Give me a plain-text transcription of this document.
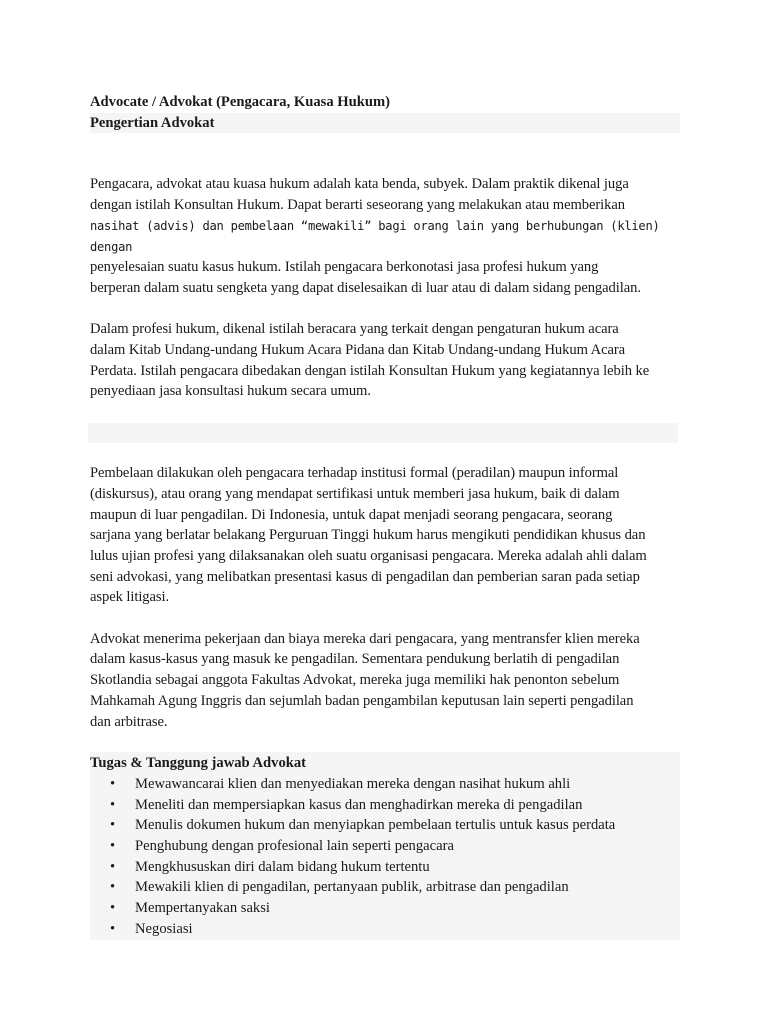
Advocate / Advokat (Pengacara, Kuasa Hukum)

Pengertian Advokat

Pengacara, advokat atau kuasa hukum adalah kata benda, subyek. Dalam praktik dikenal juga

dengan istilah Konsultan Hukum. Dapat berarti seseorang yang melakukan atau memberikan

nasihat (advis) dan pembelaan “mewakili” bagi orang lain yang berhubungan (klien) dengan

penyelesaian suatu kasus hukum. Istilah pengacara berkonotasi jasa profesi hukum yang

berperan dalam suatu sengketa yang dapat diselesaikan di luar atau di dalam sidang pengadilan.

Dalam profesi hukum, dikenal istilah beracara yang terkait dengan pengaturan hukum acara

dalam Kitab Undang-undang Hukum Acara Pidana dan Kitab Undang-undang Hukum Acara

Perdata. Istilah pengacara dibedakan dengan istilah Konsultan Hukum yang kegiatannya lebih ke

penyediaan jasa konsultasi hukum secara umum.

Pembelaan dilakukan oleh pengacara terhadap institusi formal (peradilan) maupun informal

(diskursus), atau orang yang mendapat sertifikasi untuk memberi jasa hukum, baik di dalam

maupun di luar pengadilan. Di Indonesia, untuk dapat menjadi seorang pengacara, seorang

sarjana yang berlatar belakang Perguruan Tinggi hukum harus mengikuti pendidikan khusus dan

lulus ujian profesi yang dilaksanakan oleh suatu organisasi pengacara. Mereka adalah ahli dalam

seni advokasi, yang melibatkan presentasi kasus di pengadilan dan pemberian saran pada setiap

aspek litigasi.

Advokat menerima pekerjaan dan biaya mereka dari pengacara, yang mentransfer klien mereka

dalam kasus-kasus yang masuk ke pengadilan. Sementara pendukung berlatih di pengadilan

Skotlandia sebagai anggota Fakultas Advokat, mereka juga memiliki hak penonton sebelum

Mahkamah Agung Inggris dan sejumlah badan pengambilan keputusan lain seperti pengadilan

dan arbitrase.

Tugas & Tanggung jawab Advokat

• Mewawancarai klien dan menyediakan mereka dengan nasihat hukum ahli
• Meneliti dan mempersiapkan kasus dan menghadirkan mereka di pengadilan
• Menulis dokumen hukum dan menyiapkan pembelaan tertulis untuk kasus perdata
• Penghubung dengan profesional lain seperti pengacara
• Mengkhususkan diri dalam bidang hukum tertentu
• Mewakili klien di pengadilan, pertanyaan publik, arbitrase dan pengadilan
• Mempertanyakan saksi
• Negosiasi
